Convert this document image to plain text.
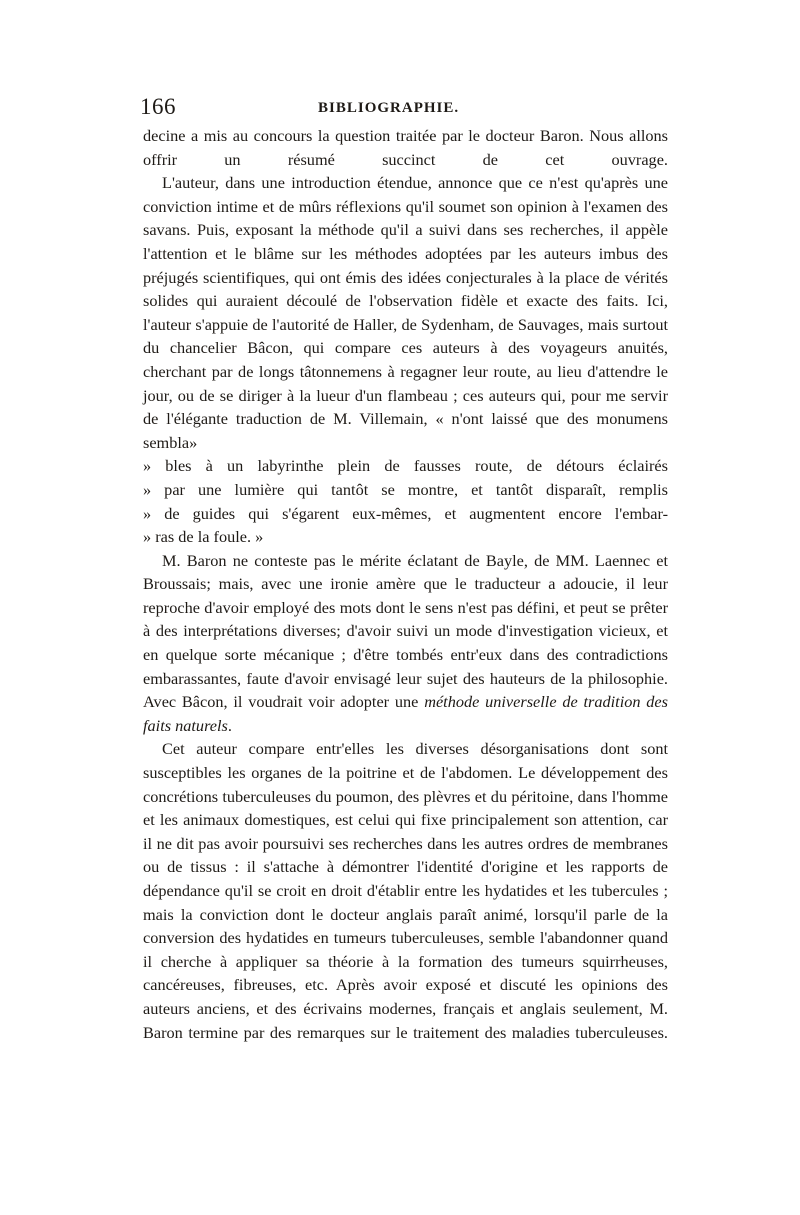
166	BIBLIOGRAPHIE.

decine a mis au concours la question traitée par le docteur Baron. Nous allons offrir un résumé succinct de cet ouvrage.

L'auteur, dans une introduction étendue, annonce que ce n'est qu'après une conviction intime et de mûrs réflexions qu'il soumet son opinion à l'examen des savans. Puis, exposant la méthode qu'il a suivi dans ses recherches, il appèle l'attention et le blâme sur les méthodes adoptées par les auteurs imbus des préjugés scientifiques, qui ont émis des idées conjecturales à la place de vérités solides qui auraient découlé de l'observation fidèle et exacte des faits. Ici, l'auteur s'appuie de l'autorité de Haller, de Sydenham, de Sauvages, mais surtout du chancelier Bâcon, qui compare ces auteurs à des voyageurs anuités, cherchant par de longs tâtonnemens à regagner leur route, au lieu d'attendre le jour, ou de se diriger à la lueur d'un flambeau ; ces auteurs qui, pour me servir de l'élégante traduction de M. Villemain, « n'ont laissé que des monumens sembla»

» bles à un labyrinthe plein de fausses route, de détours éclairés

» par une lumière qui tantôt se montre, et tantôt disparaît, remplis

» de guides qui s'égarent eux-mêmes, et augmentent encore l'embar-

» ras de la foule. »

M. Baron ne conteste pas le mérite éclatant de Bayle, de MM. Laennec et Broussais; mais, avec une ironie amère que le traducteur a adoucie, il leur reproche d'avoir employé des mots dont le sens n'est pas défini, et peut se prêter à des interprétations diverses; d'avoir suivi un mode d'investigation vicieux, et en quelque sorte mécanique ; d'être tombés entr'eux dans des contradictions embarassantes, faute d'avoir envisagé leur sujet des hauteurs de la philosophie. Avec Bâcon, il voudrait voir adopter une méthode universelle de tradition des faits naturels.

Cet auteur compare entr'elles les diverses désorganisations dont sont susceptibles les organes de la poitrine et de l'abdomen. Le développement des concrétions tuberculeuses du poumon, des plèvres et du péritoine, dans l'homme et les animaux domestiques, est celui qui fixe principalement son attention, car il ne dit pas avoir poursuivi ses recherches dans les autres ordres de membranes ou de tissus : il s'attache à démontrer l'identité d'origine et les rapports de dépendance qu'il se croit en droit d'établir entre les hydatides et les tubercules ; mais la conviction dont le docteur anglais paraît animé, lorsqu'il parle de la conversion des hydatides en tumeurs tuberculeuses, semble l'abandonner quand il cherche à appliquer sa théorie à la formation des tumeurs squirrheuses, cancéreuses, fibreuses, etc. Après avoir exposé et discuté les opinions des auteurs anciens, et des écrivains modernes, français et anglais seulement, M. Baron termine par des remarques sur le traitement des maladies tuberculeuses.
